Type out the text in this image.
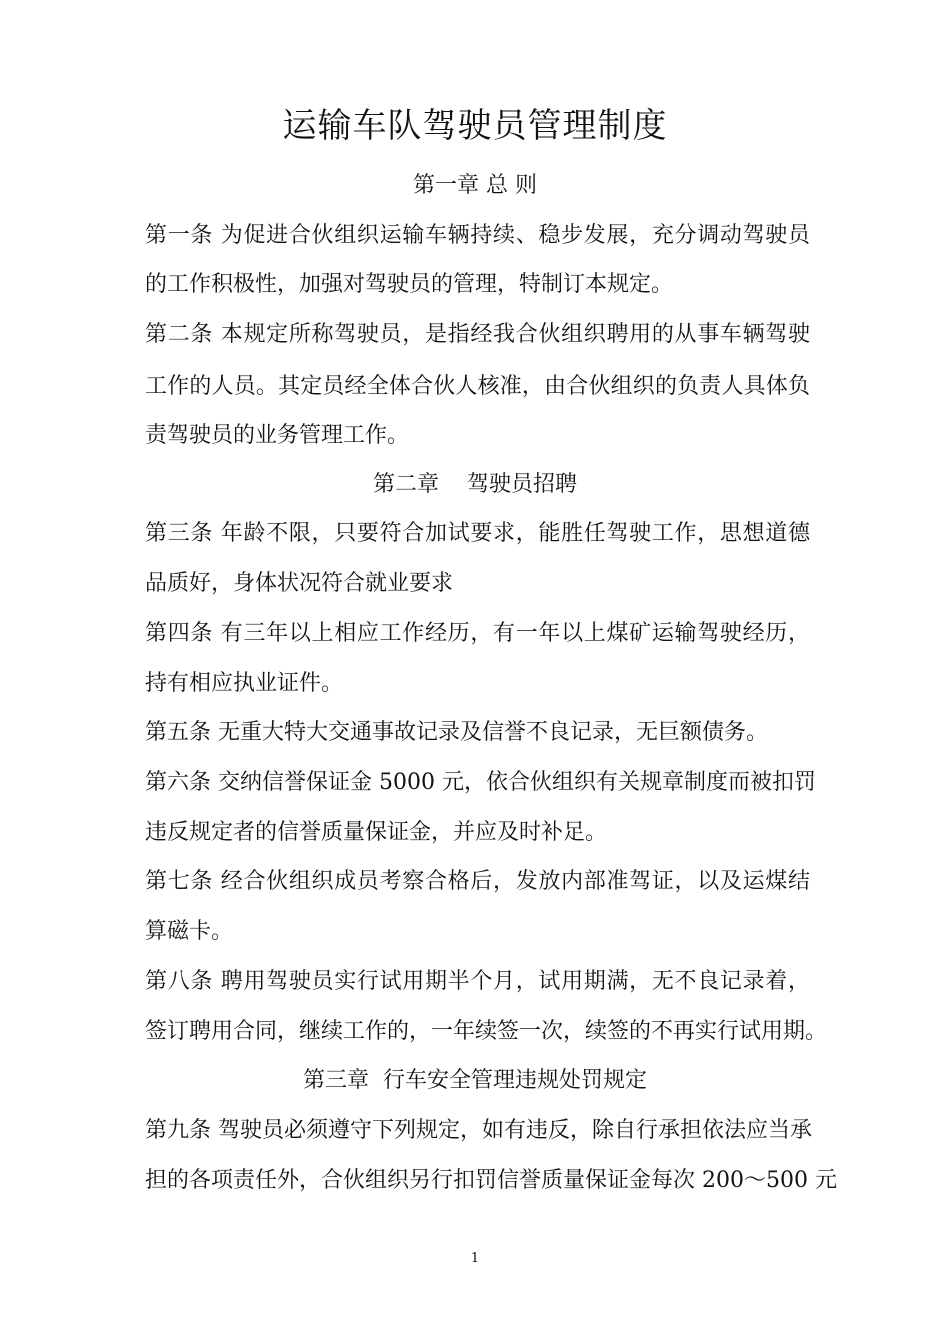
运输车队驾驶员管理制度
第一章 总 则
第一条 为促进合伙组织运输车辆持续、稳步发展，充分调动驾驶员
的工作积极性，加强对驾驶员的管理，特制订本规定。
第二条 本规定所称驾驶员，是指经我合伙组织聘用的从事车辆驾驶
工作的人员。其定员经全体合伙人核准，由合伙组织的负责人具体负
责驾驶员的业务管理工作。
第二章    驾驶员招聘
第三条 年龄不限，只要符合加试要求，能胜任驾驶工作，思想道德
品质好，身体状况符合就业要求
第四条 有三年以上相应工作经历，有一年以上煤矿运输驾驶经历，
持有相应执业证件。
第五条 无重大特大交通事故记录及信誉不良记录，无巨额债务。
第六条 交纳信誉保证金 5000 元，依合伙组织有关规章制度而被扣罚
违反规定者的信誉质量保证金，并应及时补足。
第七条 经合伙组织成员考察合格后，发放内部准驾证，以及运煤结
算磁卡。
第八条 聘用驾驶员实行试用期半个月，试用期满，无不良记录着，
签订聘用合同，继续工作的，一年续签一次，续签的不再实行试用期。
第三章  行车安全管理违规处罚规定
第九条 驾驶员必须遵守下列规定，如有违反，除自行承担依法应当承
担的各项责任外，合伙组织另行扣罚信誉质量保证金每次 200～500 元
1
